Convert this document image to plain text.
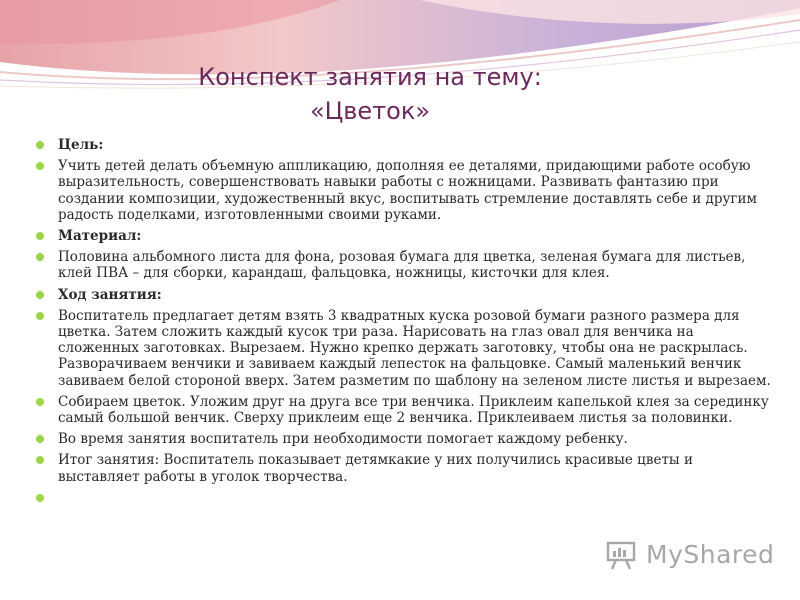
Конспект занятия на тему:
«Цветок»
Цель:
Учить детей делать объемную аппликацию, дополняя ее деталями, придающими работе особую выразительность, совершенствовать навыки работы с ножницами. Развивать фантазию при создании композиции, художественный вкус, воспитывать стремление доставлять себе и другим радость поделками, изготовленными своими руками.
Материал:
Половина альбомного листа для фона, розовая бумага для цветка, зеленая бумага для листьев, клей ПВА – для сборки, карандаш, фальцовка, ножницы, кисточки для клея.
Ход занятия:
Воспитатель предлагает детям взять 3 квадратных куска розовой бумаги разного размера для цветка. Затем сложить каждый кусок три раза. Нарисовать на глаз овал для венчика на сложенных заготовках. Вырезаем. Нужно крепко держать заготовку, чтобы она не раскрылась. Разворачиваем венчики и завиваем каждый лепесток на фальцовке. Самый маленький венчик завиваем белой стороной вверх. Затем разметим по шаблону на зеленом листе листья и вырезаем.
Собираем цветок. Уложим друг на друга все три венчика. Приклеим капелькой клея за серединку самый большой венчик. Сверху приклеим еще 2 венчика. Приклеиваем листья за половинки.
Во время занятия воспитатель при необходимости помогает каждому ребенку.
Итог занятия: Воспитатель показывает детямкакие у них получились красивые цветы и выставляет работы в уголок творчества.
MyShared
